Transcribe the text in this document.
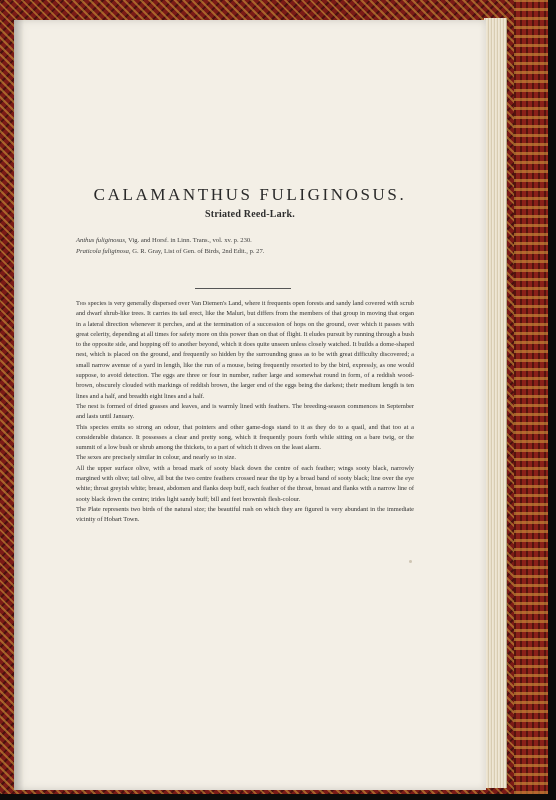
CALAMANTHUS FULIGINOSUS.
Striated Reed-Lark.
Anthus fuliginosus, Vig. and Horsf. in Linn. Trans., vol. xv. p. 230.
Praticola fuliginosa, G. R. Gray, List of Gen. of Birds, 2nd Edit., p. 27.

This species is very generally dispersed over Van Diemen's Land, where it frequents open forests and sandy land covered with scrub and dwarf shrub-like trees. It carries its tail erect, like the Maluri, but differs from the members of that group in moving that organ in a lateral direction whenever it perches, and at the termination of a succession of hops on the ground, over which it passes with great celerity, depending at all times for safety more on this power than on that of flight. It eludes pursuit by running through a bush to the opposite side, and hopping off to another beyond, which it does quite unseen unless closely watched. It builds a dome-shaped nest, which is placed on the ground, and frequently so hidden by the surrounding grass as to be with great difficulty discovered; a small narrow avenue of a yard in length, like the run of a mouse, being frequently resorted to by the bird, expressly, as one would suppose, to avoid detection. The eggs are three or four in number, rather large and somewhat round in form, of a reddish wood-brown, obscurely clouded with markings of reddish brown, the larger end of the eggs being the darkest; their medium length is ten lines and a half, and breadth eight lines and a half.

The nest is formed of dried grasses and leaves, and is warmly lined with feathers. The breeding-season commences in September and lasts until January.

This species emits so strong an odour, that pointers and other game-dogs stand to it as they do to a quail, and that too at a considerable distance. It possesses a clear and pretty song, which it frequently pours forth while sitting on a bare twig, or the summit of a low bush or shrub among the thickets, to a part of which it dives on the least alarm.

The sexes are precisely similar in colour, and nearly so in size.

All the upper surface olive, with a broad mark of sooty black down the centre of each feather; wings sooty black, narrowly margined with olive; tail olive, all but the two centre feathers crossed near the tip by a broad band of sooty black; line over the eye white; throat greyish white; breast, abdomen and flanks deep buff, each feather of the throat, breast and flanks with a narrow line of sooty black down the centre; irides light sandy buff; bill and feet brownish flesh-colour.

The Plate represents two birds of the natural size; the beautiful rush on which they are figured is very abundant in the immediate vicinity of Hobart Town.
